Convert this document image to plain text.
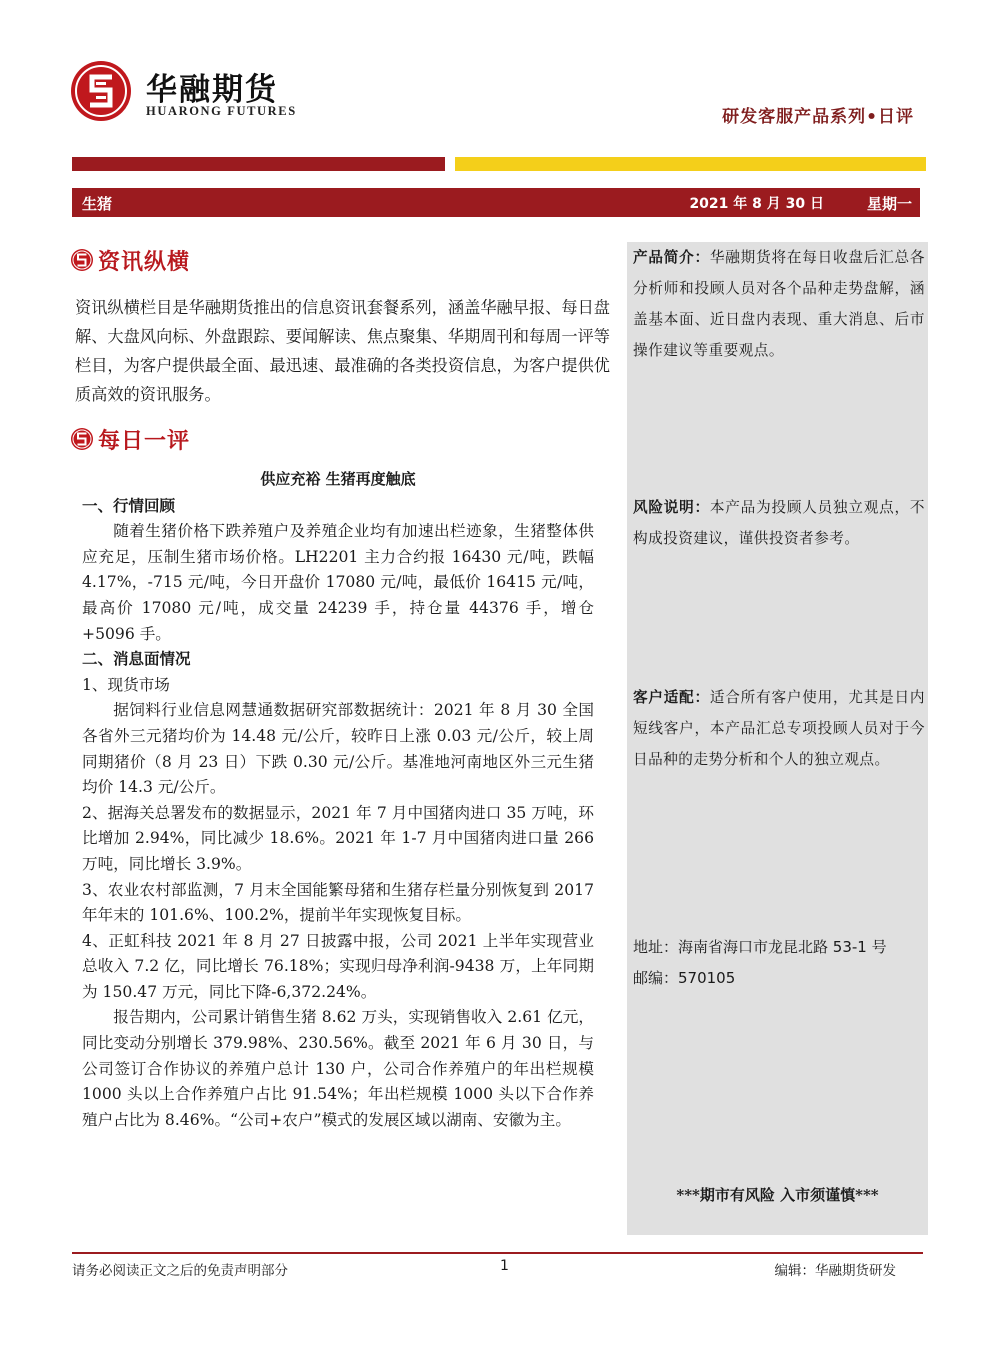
华融期货
HUARONG FUTURES	研发客服产品系列•日评
生猪	2021 年 8 月 30 日	星期一
资讯纵横
资讯纵横栏目是华融期货推出的信息资讯套餐系列，涵盖华融早报、每日盘解、大盘风向标、外盘跟踪、要闻解读、焦点聚集、华期周刊和每周一评等栏目，为客户提供最全面、最迅速、最准确的各类投资信息，为客户提供优质高效的资讯服务。
每日一评

供应充裕 生猪再度触底

一、行情回顾

随着生猪价格下跌养殖户及养殖企业均有加速出栏迹象，生猪整体供应充足，压制生猪市场价格。LH2201 主力合约报 16430 元/吨，跌幅 4.17%，-715 元/吨，今日开盘价 17080 元/吨，最低价 16415 元/吨，最高价 17080 元/吨，成交量 24239 手，持仓量 44376 手，增仓+5096 手。

二、消息面情况

1、现货市场

据饲料行业信息网慧通数据研究部数据统计：2021 年 8 月 30 全国各省外三元猪均价为 14.48 元/公斤，较昨日上涨 0.03 元/公斤，较上周同期猪价（8 月 23 日）下跌 0.30 元/公斤。基准地河南地区外三元生猪均价 14.3 元/公斤。

2、据海关总署发布的数据显示，2021 年 7 月中国猪肉进口 35 万吨，环比增加 2.94%，同比减少 18.6%。2021 年 1-7 月中国猪肉进口量 266 万吨，同比增长 3.9%。

3、农业农村部监测，7 月末全国能繁母猪和生猪存栏量分别恢复到 2017 年年末的 101.6%、100.2%，提前半年实现恢复目标。

4、正虹科技 2021 年 8 月 27 日披露中报，公司 2021 上半年实现营业总收入 7.2 亿，同比增长 76.18%；实现归母净利润-9438 万，上年同期为 150.47 万元，同比下降-6,372.24%。

报告期内，公司累计销售生猪 8.62 万头，实现销售收入 2.61 亿元，同比变动分别增长 379.98%、230.56%。截至 2021 年 6 月 30 日，与公司签订合作协议的养殖户总计 130 户，公司合作养殖户的年出栏规模 1000 头以上合作养殖户占比 91.54%；年出栏规模 1000 头以下合作养殖户占比为 8.46%。“公司+农户”模式的发展区域以湖南、安徽为主。

产品简介：华融期货将在每日收盘后汇总各分析师和投顾人员对各个品种走势盘解，涵盖基本面、近日盘内表现、重大消息、后市操作建议等重要观点。
风险说明：本产品为投顾人员独立观点，不构成投资建议，谨供投资者参考。
客户适配：适合所有客户使用，尤其是日内短线客户，本产品汇总专项投顾人员对于今日品种的走势分析和个人的独立观点。
地址：海南省海口市龙昆北路 53-1 号
邮编：570105
***期市有风险 入市须谨慎***
请务必阅读正文之后的免责声明部分	1	编辑：华融期货研发
